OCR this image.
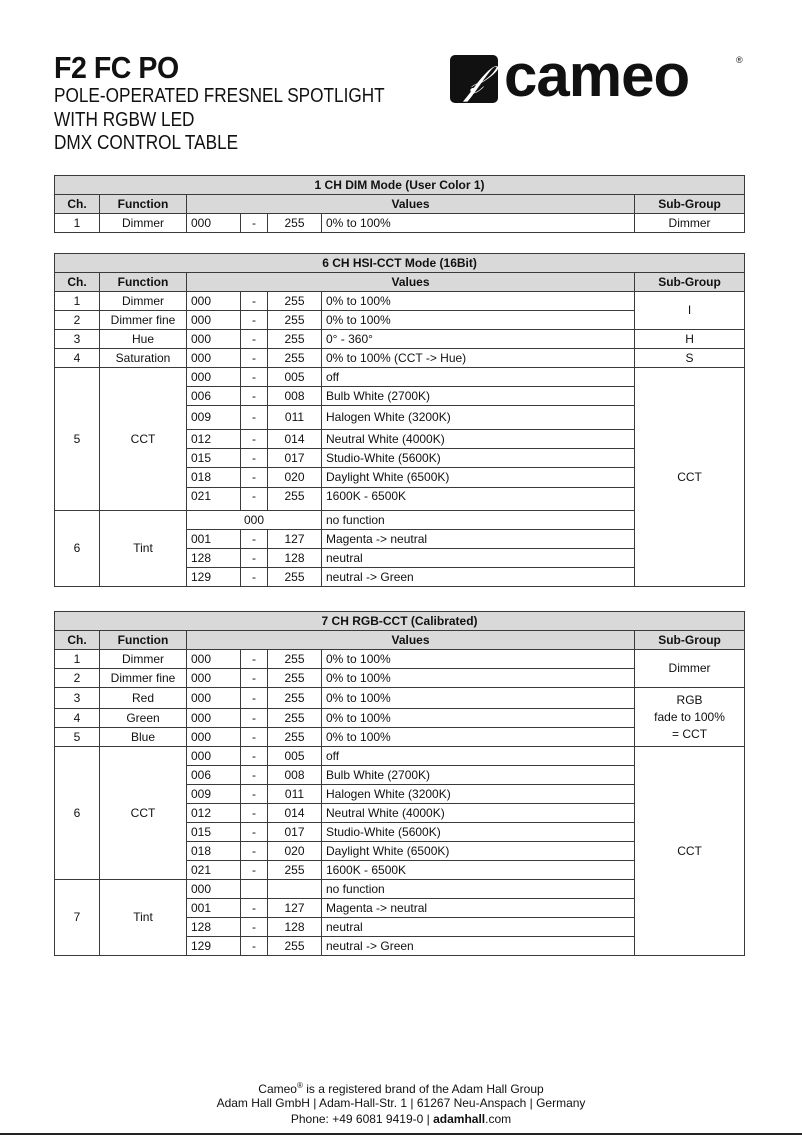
F2 FC PO
POLE-OPERATED FRESNEL SPOTLIGHT
WITH RGBW LED
DMX CONTROL TABLE
𝒻 cameo	®
1 CH DIM Mode (User Color 1)						
Ch.	Function	Values				Sub-Group
1	Dimmer	000	-	255	0% to 100%	Dimmer
6 CH HSI-CCT Mode (16Bit)						
Ch.	Function	Values				Sub-Group
1	Dimmer	000	-	255	0% to 100%	I
2	Dimmer fine	000	-	255	0% to 100%	
3	Hue	000	-	255	0° - 360°	H
4	Saturation	000	-	255	0% to 100% (CCT -> Hue)	S
5	CCT	000	-	005	off	CCT
		006	-	008	Bulb White (2700K)	
		009	-	011	Halogen White (3200K)	
		012	-	014	Neutral White (4000K)	
		015	-	017	Studio-White (5600K)	
		018	-	020	Daylight White (6500K)	
		021	-	255	1600K - 6500K	
6	Tint	000			no function	
		001	-	127	Magenta -> neutral	
		128	-	128	neutral	
		129	-	255	neutral -> Green	
7 CH RGB-CCT (Calibrated)						
Ch.	Function	Values				Sub-Group
1	Dimmer	000	-	255	0% to 100%	Dimmer
2	Dimmer fine	000	-	255	0% to 100%	
3	Red	000	-	255	0% to 100%	RGB
fade to 100%
= CCT

4	Green	000	-	255	0% to 100%	
5	Blue	000	-	255	0% to 100%	
6	CCT	000	-	005	off	CCT
		006	-	008	Bulb White (2700K)	
		009	-	011	Halogen White (3200K)	
		012	-	014	Neutral White (4000K)	
		015	-	017	Studio-White (5600K)	
		018	-	020	Daylight White (6500K)	
		021	-	255	1600K - 6500K	
7	Tint	000			no function	
		001	-	127	Magenta -> neutral	
		128	-	128	neutral	
		129	-	255	neutral -> Green	
Cameo® is a registered brand of the Adam Hall Group
Adam Hall GmbH | Adam-Hall-Str. 1 | 61267 Neu-Anspach | Germany
Phone: +49 6081 9419-0 | adamhall.com
